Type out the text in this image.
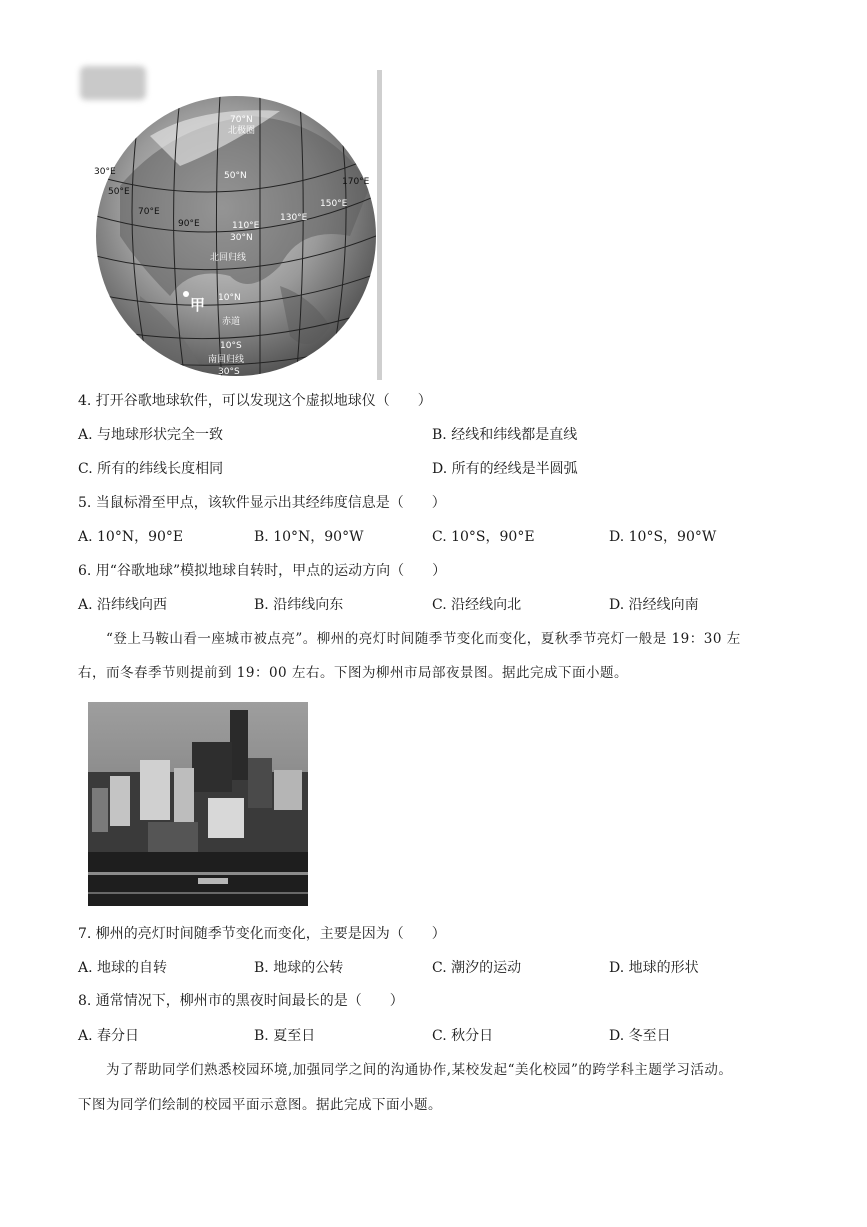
70°N
北极圈
50°N
30°E
50°E
70°E
90°E	110°E
130°E
150°E
170°E
30°N
北回归线
10°N
甲
赤道
10°S
南回归线
30°S
4. 打开谷歌地球软件，可以发现这个虚拟地球仪（　　）
A. 与地球形状完全一致	B. 经线和纬线都是直线
C. 所有的纬线长度相同	D. 所有的经线是半圆弧
5. 当鼠标滑至甲点，该软件显示出其经纬度信息是（　　）
A. 10°N，90°E	B. 10°N，90°W	C. 10°S，90°E	D. 10°S，90°W
6. 用“谷歌地球”模拟地球自转时，甲点的运动方向（　　）
A. 沿纬线向西	B. 沿纬线向东	C. 沿经线向北	D. 沿经线向南
“登上马鞍山看一座城市被点亮”。柳州的亮灯时间随季节变化而变化，夏秋季节亮灯一般是 19：30 左
右，而冬春季节则提前到 19：00 左右。下图为柳州市局部夜景图。据此完成下面小题。
7. 柳州的亮灯时间随季节变化而变化，主要是因为（　　）
A. 地球的自转	B. 地球的公转	C. 潮汐的运动	D. 地球的形状
8. 通常情况下，柳州市的黑夜时间最长的是（　　）
A. 春分日	B. 夏至日	C. 秋分日	D. 冬至日
为了帮助同学们熟悉校园环境,加强同学之间的沟通协作,某校发起“美化校园”的跨学科主题学习活动。
下图为同学们绘制的校园平面示意图。据此完成下面小题。
